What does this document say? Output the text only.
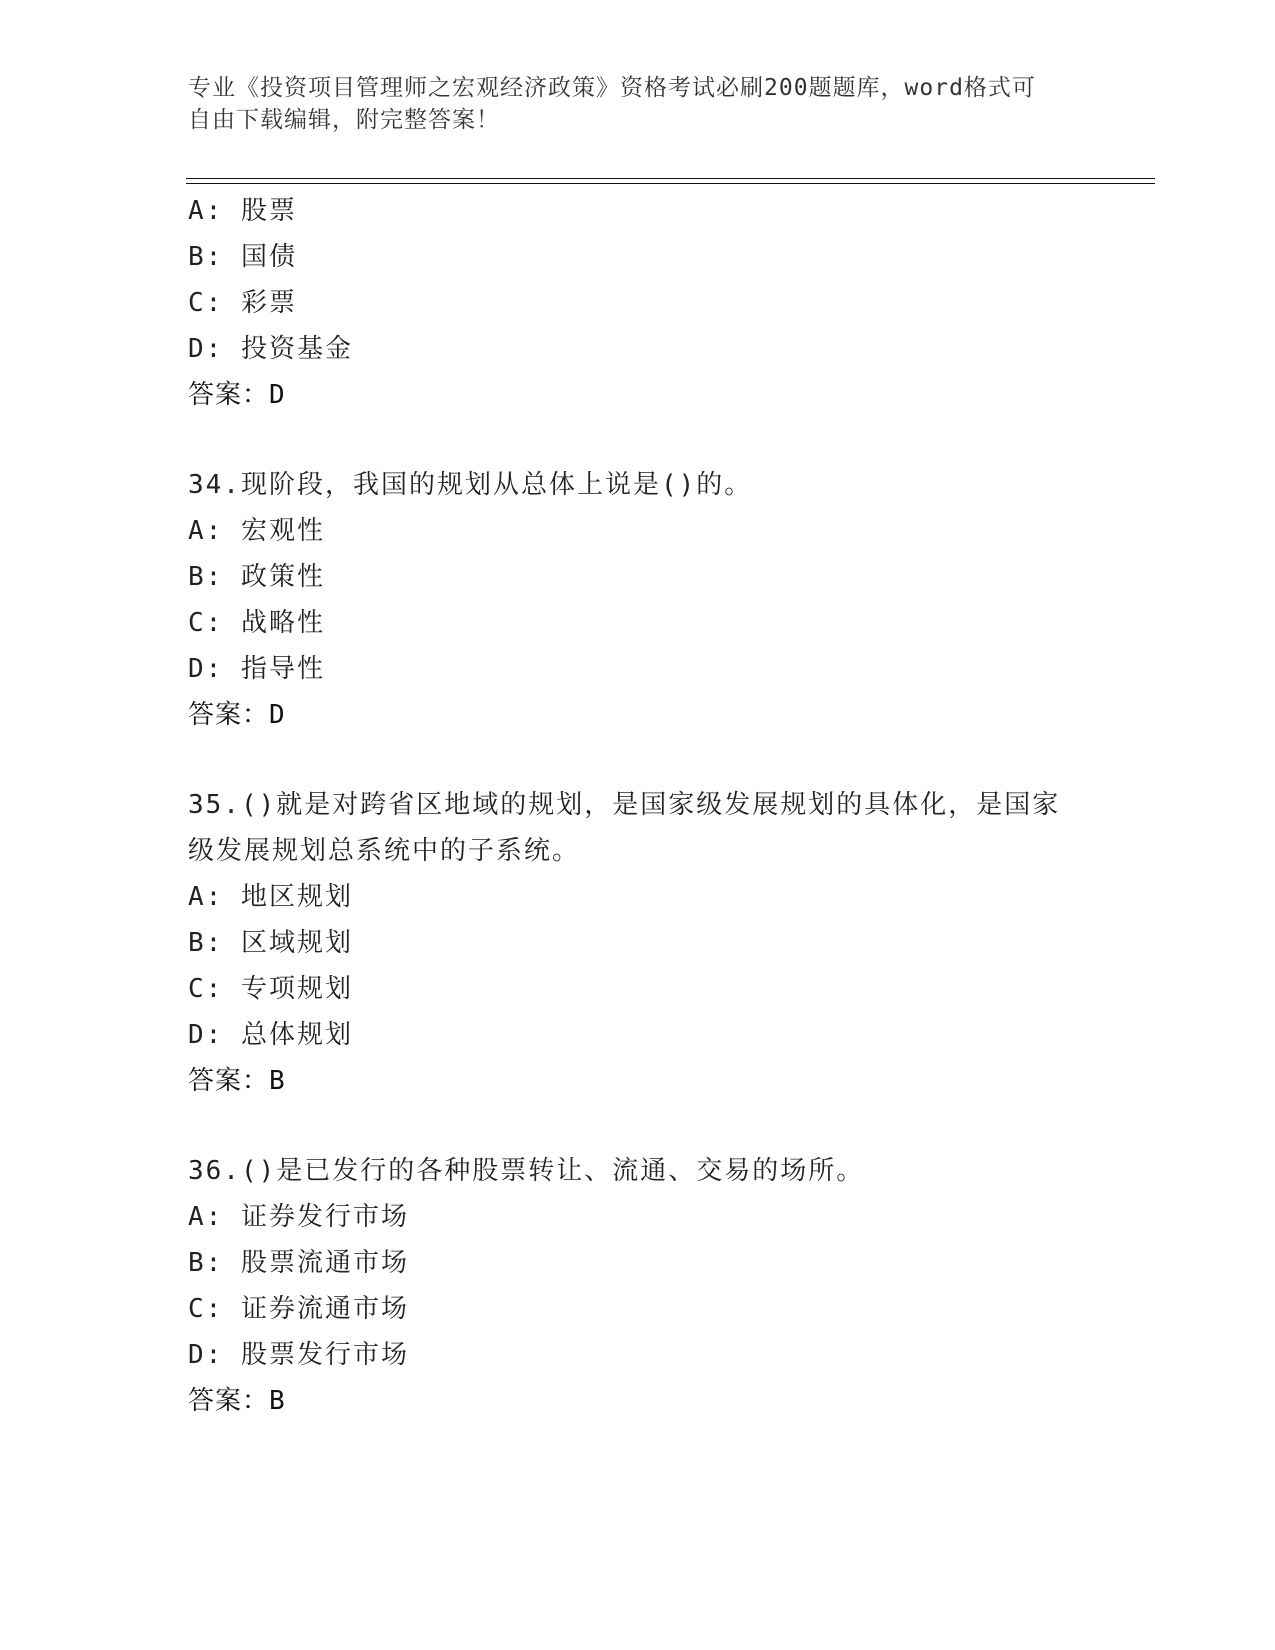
专业《投资项目管理师之宏观经济政策》资格考试必刷200题题库，word格式可
自由下载编辑，附完整答案！
A: 股票
B: 国债
C: 彩票
D: 投资基金
答案：D
34.现阶段，我国的规划从总体上说是()的。
A: 宏观性
B: 政策性
C: 战略性
D: 指导性
答案：D
35.()就是对跨省区地域的规划，是国家级发展规划的具体化，是国家
级发展规划总系统中的子系统。
A: 地区规划
B: 区域规划
C: 专项规划
D: 总体规划
答案：B
36.()是已发行的各种股票转让、流通、交易的场所。
A: 证券发行市场
B: 股票流通市场
C: 证券流通市场
D: 股票发行市场
答案：B
